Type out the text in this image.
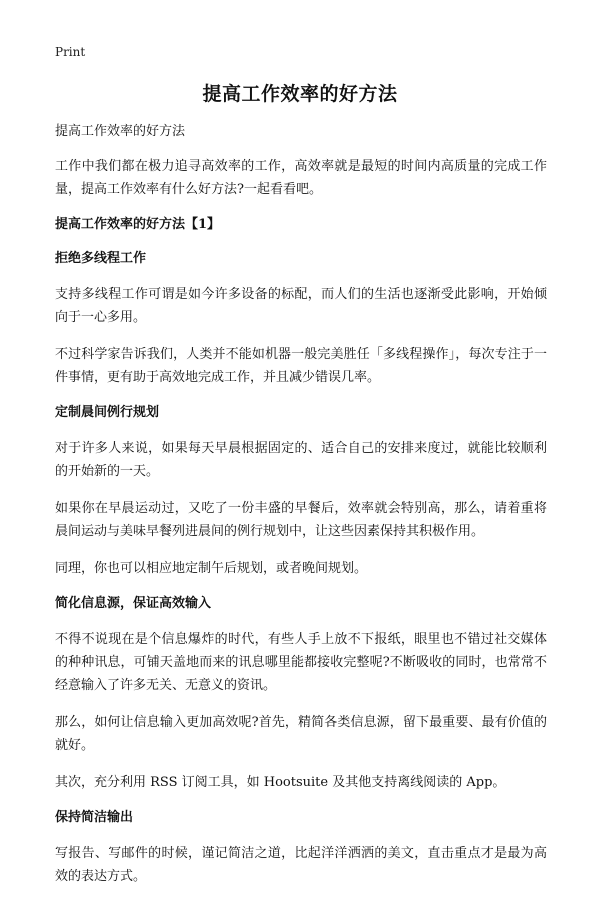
Print
提高工作效率的好方法

提高工作效率的好方法

工作中我们都在极力追寻高效率的工作，高效率就是最短的时间内高质量的完成工作量，提高工作效率有什么好方法?一起看看吧。

提高工作效率的好方法【1】
拒绝多线程工作

支持多线程工作可谓是如今许多设备的标配，而人们的生活也逐渐受此影响，开始倾向于一心多用。

不过科学家告诉我们，人类并不能如机器一般完美胜任「多线程操作」，每次专注于一件事情，更有助于高效地完成工作，并且减少错误几率。

定制晨间例行规划

对于许多人来说，如果每天早晨根据固定的、适合自己的安排来度过，就能比较顺利的开始新的一天。

如果你在早晨运动过，又吃了一份丰盛的早餐后，效率就会特别高，那么，请着重将晨间运动与美味早餐列进晨间的例行规划中，让这些因素保持其积极作用。

同理，你也可以相应地定制午后规划，或者晚间规划。

简化信息源，保证高效输入

不得不说现在是个信息爆炸的时代，有些人手上放不下报纸，眼里也不错过社交媒体的种种讯息，可铺天盖地而来的讯息哪里能都接收完整呢?不断吸收的同时，也常常不经意输入了许多无关、无意义的资讯。

那么，如何让信息输入更加高效呢?首先，精简各类信息源，留下最重要、最有价值的就好。

其次，充分利用 RSS 订阅工具，如 Hootsuite 及其他支持离线阅读的 App。

保持简洁输出

写报告、写邮件的时候，谨记简洁之道，比起洋洋洒洒的美文，直击重点才是最为高效的表达方式。
